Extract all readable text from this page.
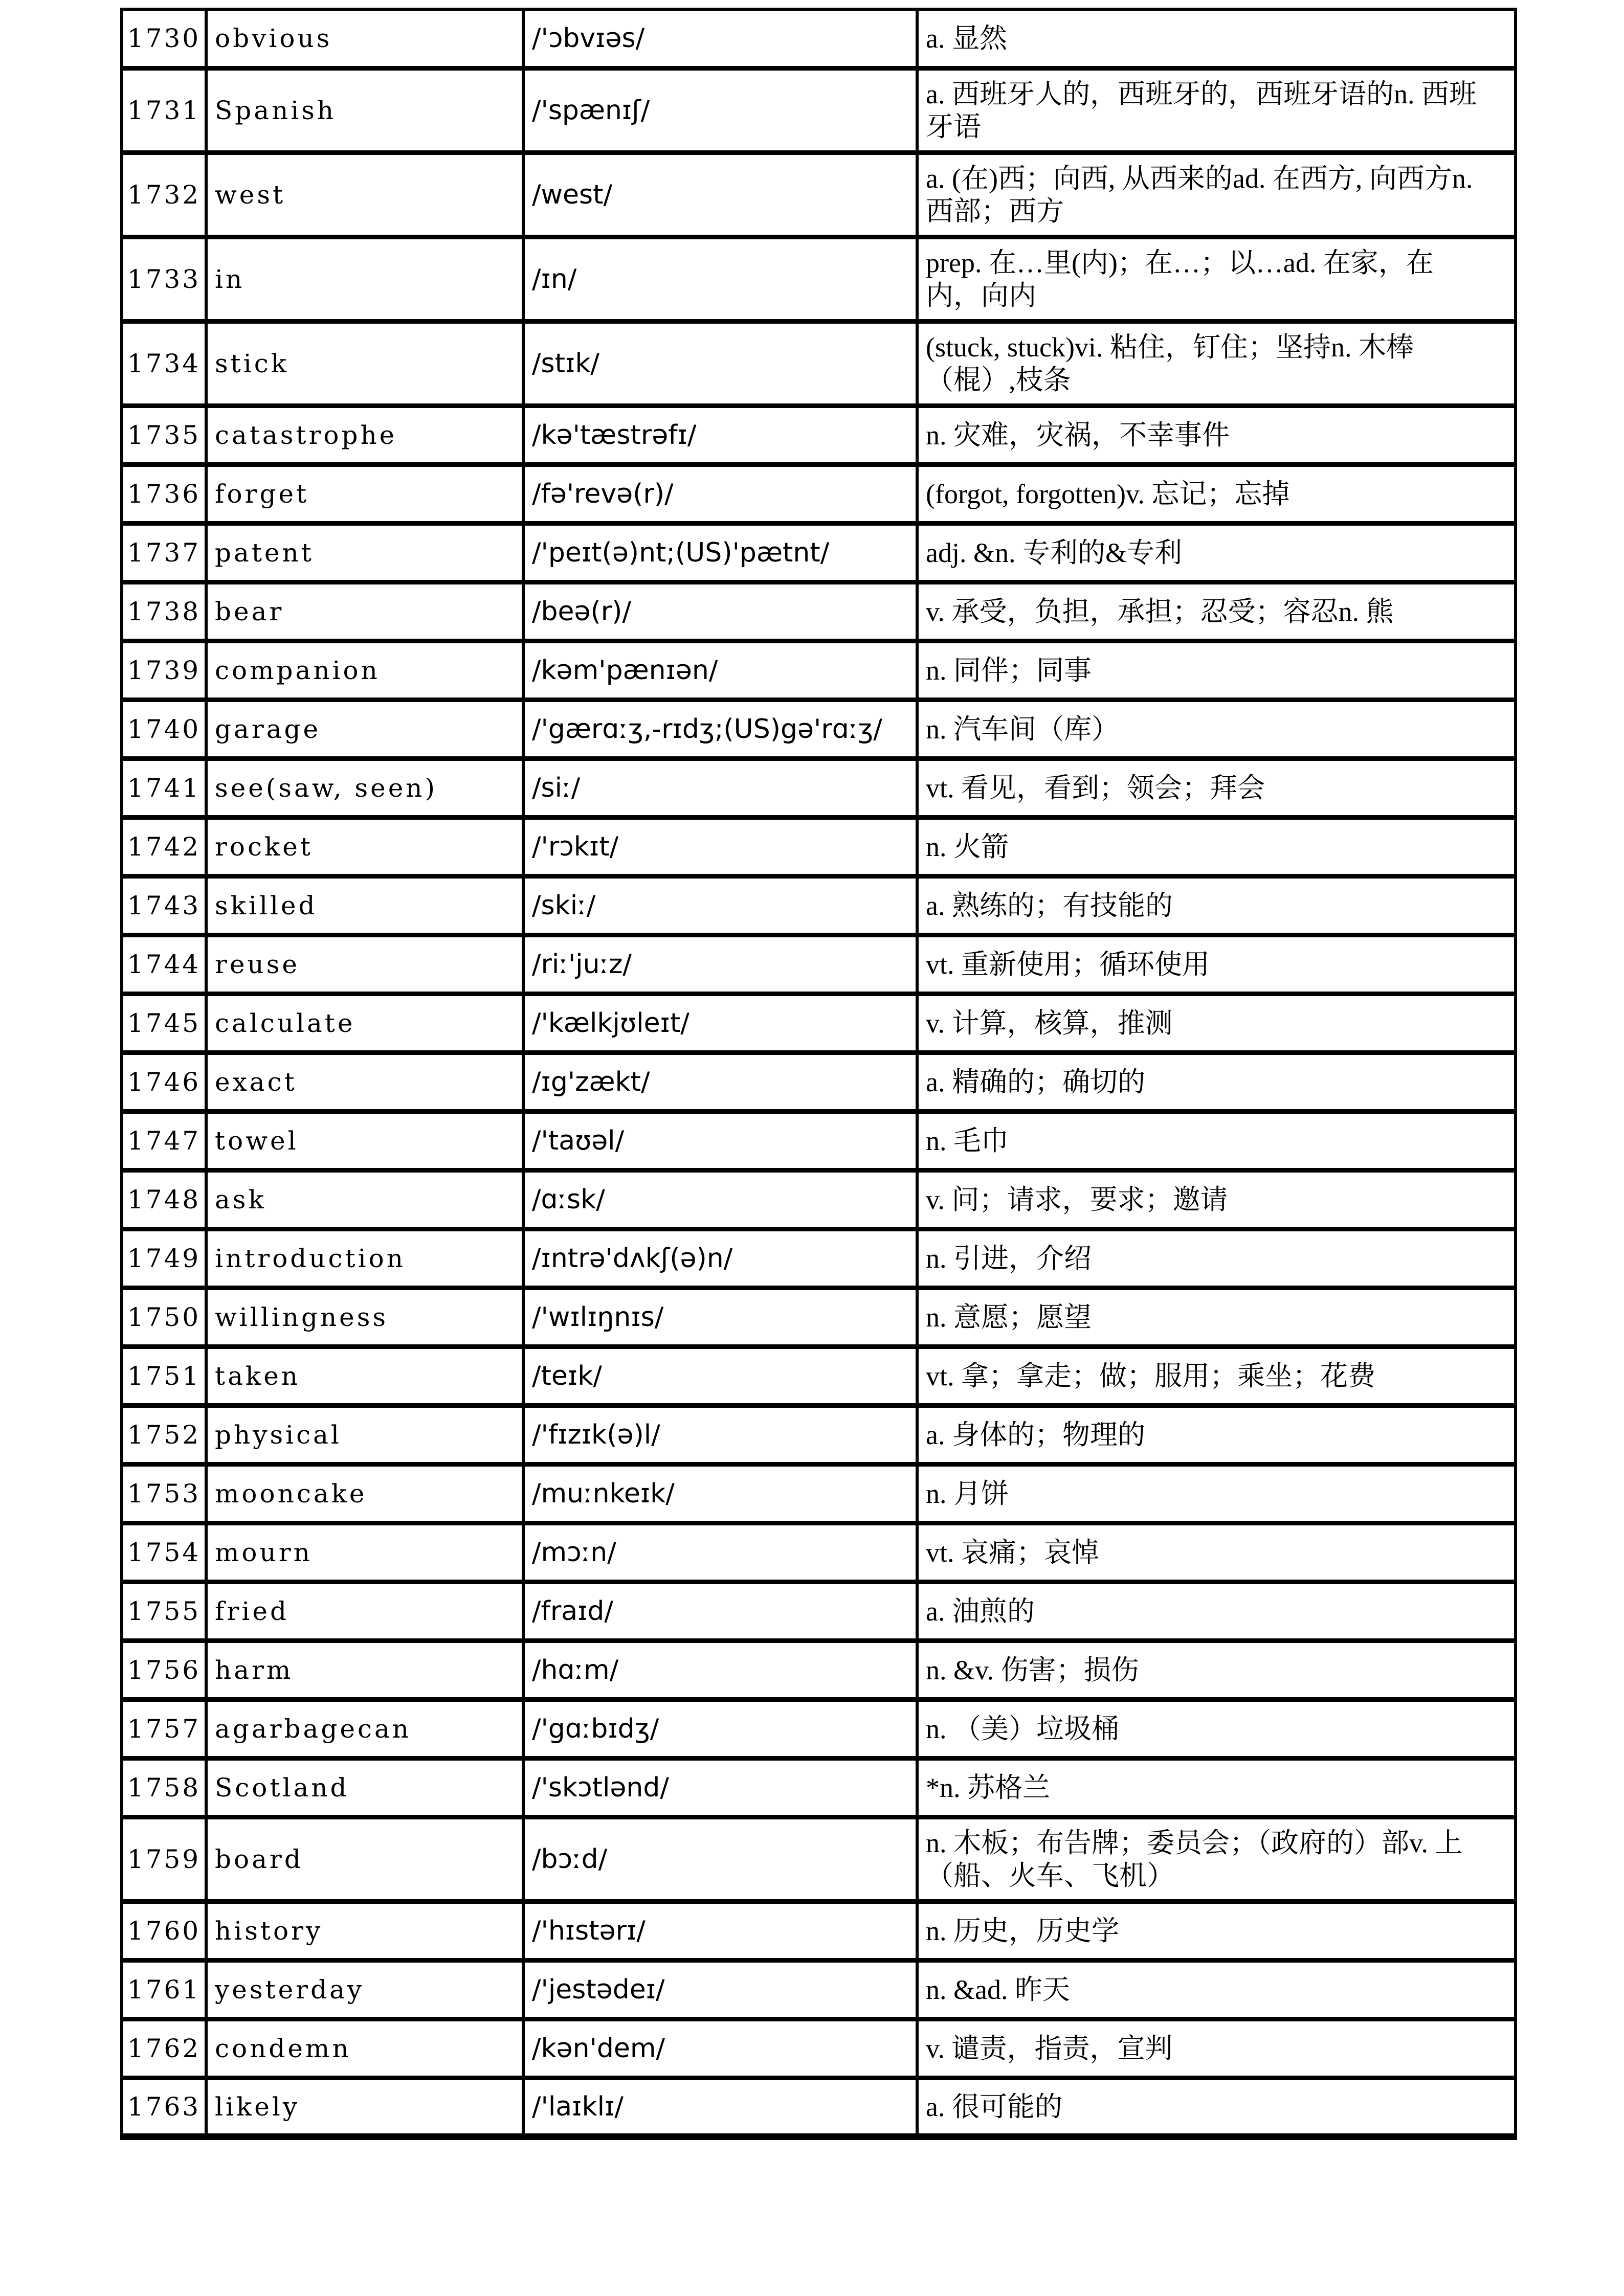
1730	obvious	/'ɔbvɪəs/	a. 显然
1731	Spanish	/'spænɪʃ/	a. 西班牙人的，西班牙的，西班牙语的n. 西班牙语
1732	west	/west/	a. (在)西；向西, 从西来的ad. 在西方, 向西方n. 西部；西方
1733	in	/ɪn/	prep. 在…里(内)；在…；以…ad. 在家，在内，向内
1734	stick	/stɪk/	(stuck, stuck)vi. 粘住，钉住；坚持n. 木棒（棍）,枝条
1735	catastrophe	/kə'tæstrəfɪ/	n. 灾难，灾祸，不幸事件
1736	forget	/fə'revə(r)/	(forgot, forgotten)v. 忘记；忘掉
1737	patent	/'peɪt(ə)nt;(US)'pætnt/	adj. &n. 专利的&专利
1738	bear	/beə(r)/	v. 承受，负担，承担；忍受；容忍n. 熊
1739	companion	/kəm'pænɪən/	n. 同伴；同事
1740	garage	/'gærɑːʒ,-rɪdʒ;(US)gə'rɑːʒ/	n. 汽车间（库）
1741	see(saw, seen)	/siː/	vt. 看见，看到；领会；拜会
1742	rocket	/'rɔkɪt/	n. 火箭
1743	skilled	/skiː/	a. 熟练的；有技能的
1744	reuse	/riː'juːz/	vt. 重新使用；循环使用
1745	calculate	/'kælkjʊleɪt/	v. 计算，核算，推测
1746	exact	/ɪg'zækt/	a. 精确的；确切的
1747	towel	/'taʊəl/	n. 毛巾
1748	ask	/ɑːsk/	v. 问；请求，要求；邀请
1749	introduction	/ɪntrə'dʌkʃ(ə)n/	n. 引进，介绍
1750	willingness	/'wɪlɪŋnɪs/	n. 意愿；愿望
1751	taken	/teɪk/	vt. 拿；拿走；做；服用；乘坐；花费
1752	physical	/'fɪzɪk(ə)l/	a. 身体的；物理的
1753	mooncake	/muːnkeɪk/	n. 月饼
1754	mourn	/mɔːn/	vt. 哀痛；哀悼
1755	fried	/fraɪd/	a. 油煎的
1756	harm	/hɑːm/	n. &v. 伤害；损伤
1757	agarbagecan	/'gɑːbɪdʒ/	n. （美）垃圾桶
1758	Scotland	/'skɔtlənd/	*n. 苏格兰
1759	board	/bɔːd/	n. 木板；布告牌；委员会；（政府的）部v. 上（船、火车、飞机）
1760	history	/'hɪstərɪ/	n. 历史，历史学
1761	yesterday	/'jestədeɪ/	n. &ad. 昨天
1762	condemn	/kən'dem/	v. 谴责，指责，宣判
1763	likely	/'laɪklɪ/	a. 很可能的
